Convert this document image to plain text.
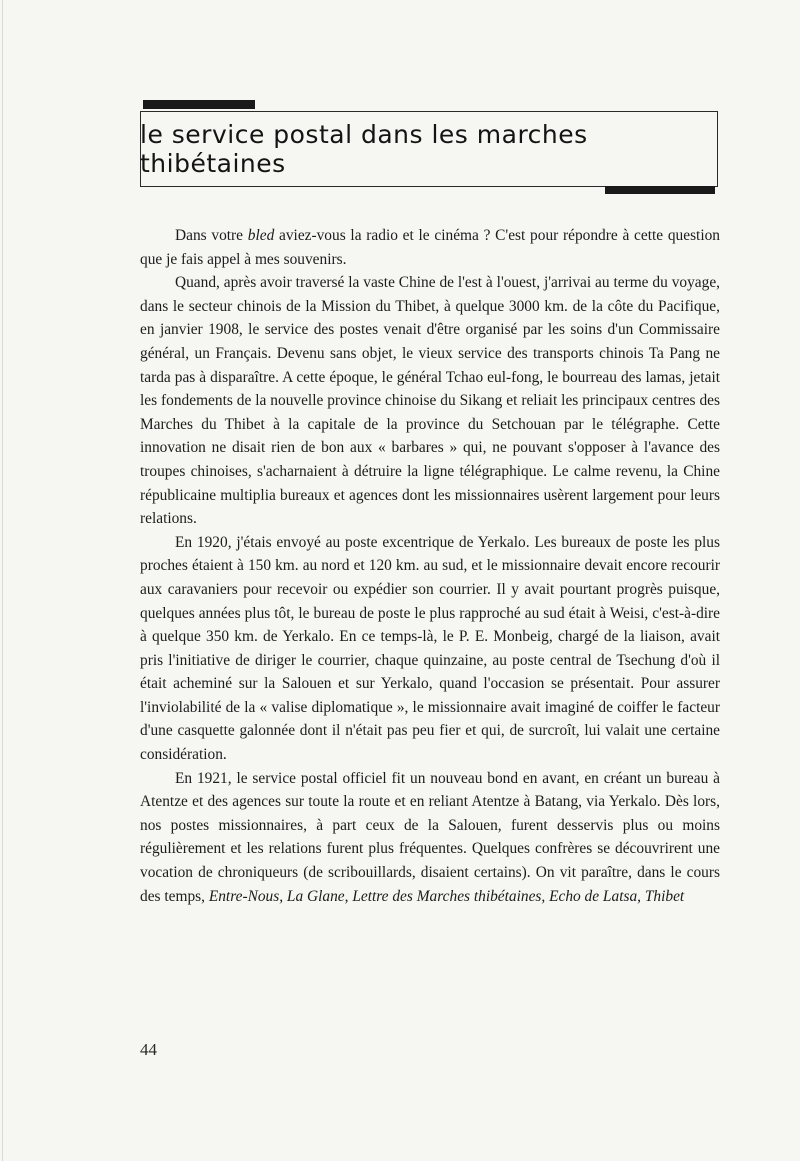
le service postal dans les marches thibétaines

Dans votre bled aviez-vous la radio et le cinéma ? C'est pour répondre à cette question que je fais appel à mes souvenirs.

Quand, après avoir traversé la vaste Chine de l'est à l'ouest, j'arrivai au terme du voyage, dans le secteur chinois de la Mission du Thibet, à quelque 3000 km. de la côte du Pacifique, en janvier 1908, le service des postes venait d'être organisé par les soins d'un Commissaire général, un Français. Devenu sans objet, le vieux service des transports chinois Ta Pang ne tarda pas à disparaître. A cette époque, le général Tchao eul-fong, le bourreau des lamas, jetait les fondements de la nouvelle province chinoise du Sikang et reliait les principaux centres des Marches du Thibet à la capitale de la province du Setchouan par le télégraphe. Cette innovation ne disait rien de bon aux « barbares » qui, ne pouvant s'opposer à l'avance des troupes chinoises, s'acharnaient à détruire la ligne télégraphique. Le calme revenu, la Chine républicaine multiplia bureaux et agences dont les missionnaires usèrent largement pour leurs relations.

En 1920, j'étais envoyé au poste excentrique de Yerkalo. Les bureaux de poste les plus proches étaient à 150 km. au nord et 120 km. au sud, et le missionnaire devait encore recourir aux caravaniers pour recevoir ou expédier son courrier. Il y avait pourtant progrès puisque, quelques années plus tôt, le bureau de poste le plus rapproché au sud était à Weisi, c'est-à-dire à quelque 350 km. de Yerkalo. En ce temps-là, le P. E. Monbeig, chargé de la liaison, avait pris l'initiative de diriger le courrier, chaque quinzaine, au poste central de Tsechung d'où il était acheminé sur la Salouen et sur Yerkalo, quand l'occasion se présentait. Pour assurer l'inviolabilité de la « valise diplomatique », le missionnaire avait imaginé de coiffer le facteur d'une casquette galonnée dont il n'était pas peu fier et qui, de surcroît, lui valait une certaine considération.

En 1921, le service postal officiel fit un nouveau bond en avant, en créant un bureau à Atentze et des agences sur toute la route et en reliant Atentze à Batang, via Yerkalo. Dès lors, nos postes missionnaires, à part ceux de la Salouen, furent desservis plus ou moins régulièrement et les relations furent plus fréquentes. Quelques confrères se découvrirent une vocation de chroniqueurs (de scribouillards, disaient certains). On vit paraître, dans le cours des temps, Entre-Nous, La Glane, Lettre des Marches thibétaines, Echo de Latsa, Thibet

44
